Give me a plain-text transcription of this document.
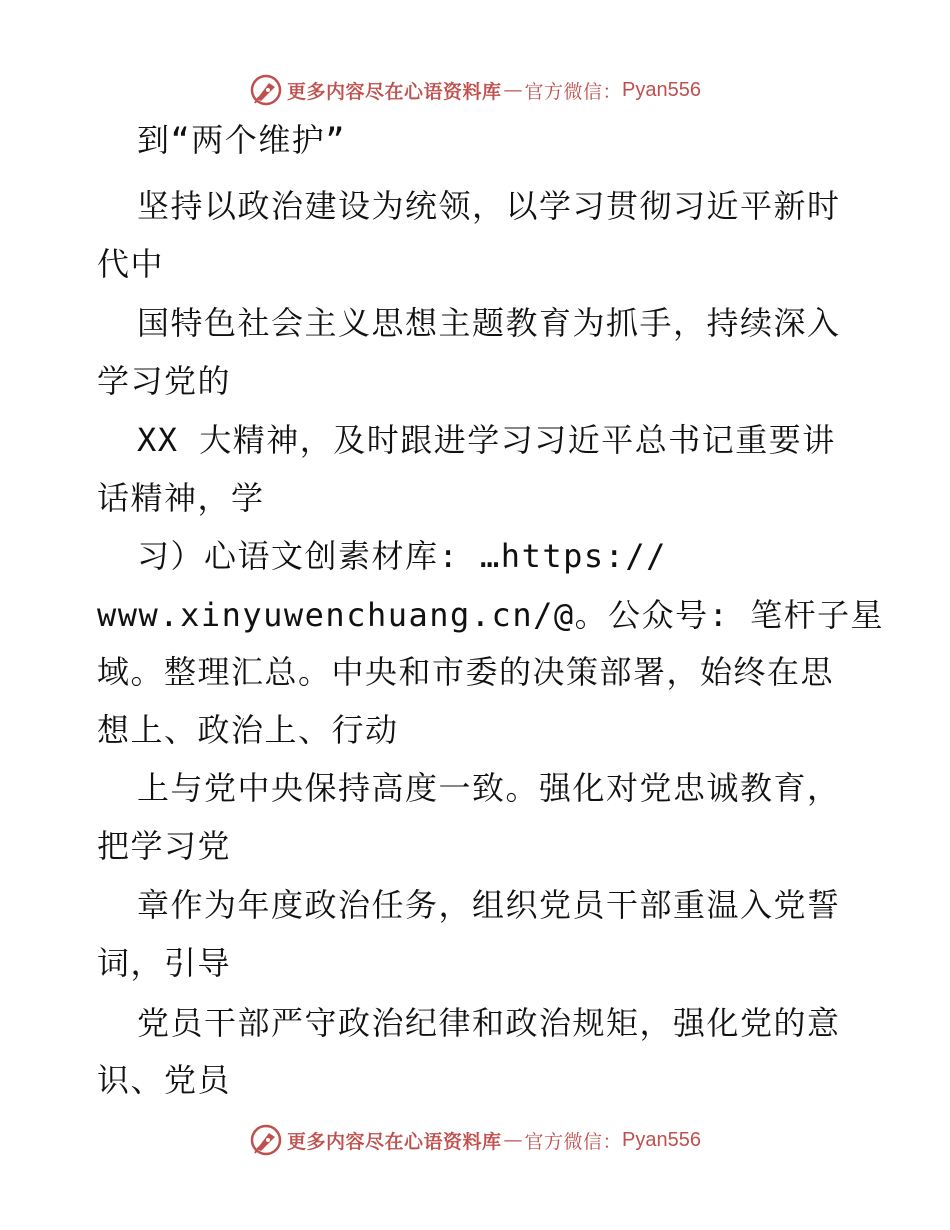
更多内容尽在心语资料库 — 官方微信： Pyan556
到“两个维护”
坚持以政治建设为统领，以学习贯彻习近平新时
代中
国特色社会主义思想主题教育为抓手，持续深入
学习党的
XX 大精神，及时跟进学习习近平总书记重要讲
话精神，学
习）心语文创素材库: …https://
www.xinyuwenchuang.cn/@。公众号: 笔杆子星
域。整理汇总。中央和市委的决策部署，始终在思
想上、政治上、行动
上与党中央保持高度一致。强化对党忠诚教育，
把学习党
章作为年度政治任务，组织党员干部重温入党誓
词，引导
党员干部严守政治纪律和政治规矩，强化党的意
识、党员
更多内容尽在心语资料库 — 官方微信： Pyan556
